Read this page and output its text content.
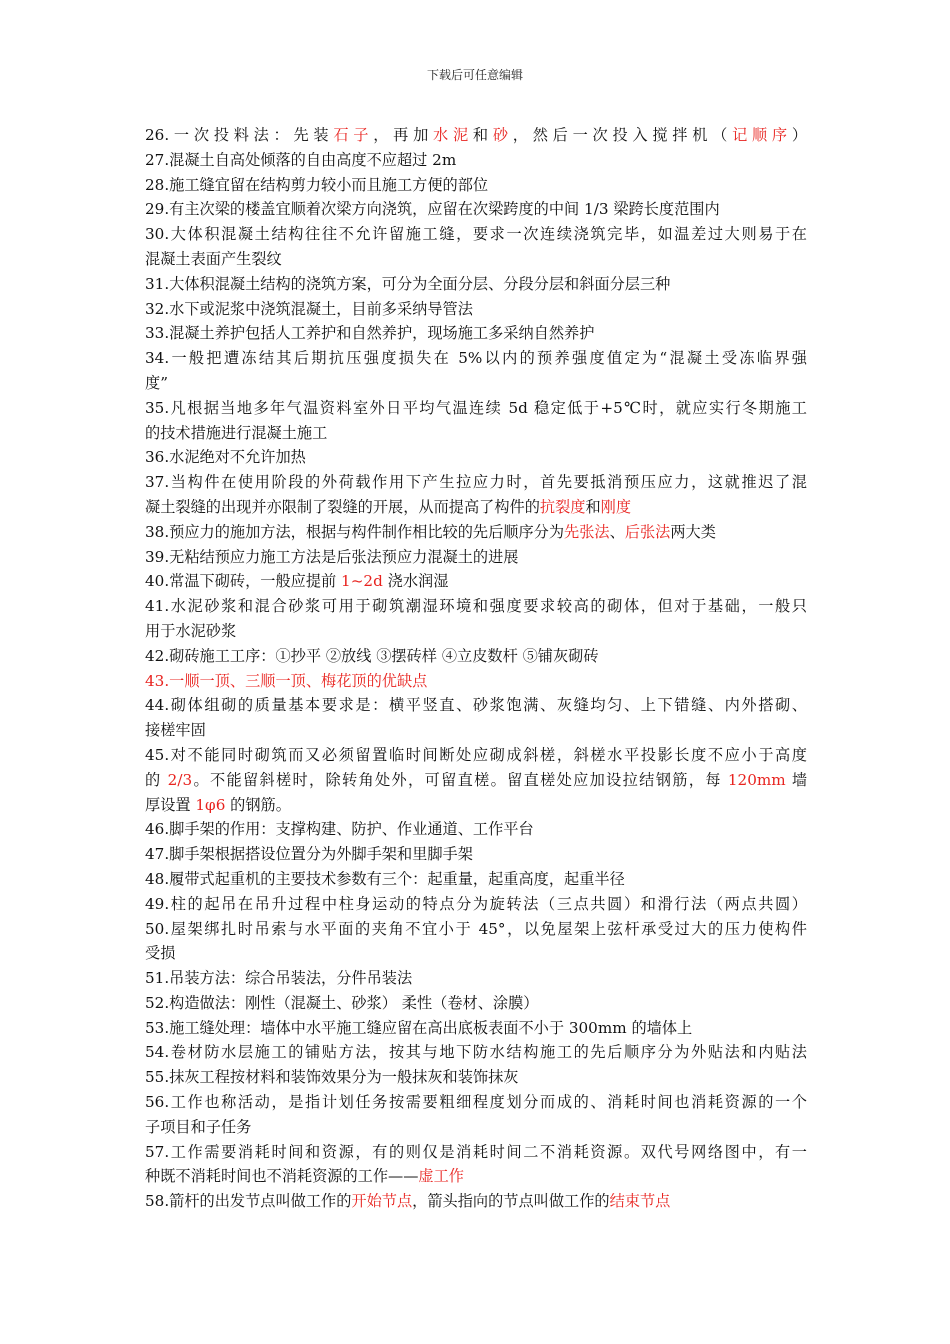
下载后可任意编辑
26.一次投料法：先装石子，再加水泥和砂，然后一次投入搅拌机（记顺序）
27.混凝土自高处倾落的自由高度不应超过 2m
28.施工缝宜留在结构剪力较小而且施工方便的部位
29.有主次梁的楼盖宜顺着次梁方向浇筑，应留在次梁跨度的中间 1/3 梁跨长度范围内
30.大体积混凝土结构往往不允许留施工缝，要求一次连续浇筑完毕，如温差过大则易于在
混凝土表面产生裂纹
31.大体积混凝土结构的浇筑方案，可分为全面分层、分段分层和斜面分层三种
32.水下或泥浆中浇筑混凝土，目前多采纳导管法
33.混凝土养护包括人工养护和自然养护，现场施工多采纳自然养护
34.一般把遭冻结其后期抗压强度损失在 5%以内的预养强度值定为“混凝土受冻临界强
度”
35.凡根据当地多年气温资料室外日平均气温连续 5d 稳定低于+5℃时，就应实行冬期施工
的技术措施进行混凝土施工
36.水泥绝对不允许加热
37.当构件在使用阶段的外荷载作用下产生拉应力时，首先要抵消预压应力，这就推迟了混
凝土裂缝的出现并亦限制了裂缝的开展，从而提高了构件的抗裂度和刚度
38.预应力的施加方法，根据与构件制作相比较的先后顺序分为先张法、后张法两大类
39.无粘结预应力施工方法是后张法预应力混凝土的进展
40.常温下砌砖，一般应提前 1~2d 浇水润湿
41.水泥砂浆和混合砂浆可用于砌筑潮湿环境和强度要求较高的砌体，但对于基础，一般只
用于水泥砂浆
42.砌砖施工工序：①抄平 ②放线 ③摆砖样 ④立皮数杆 ⑤铺灰砌砖
43.一顺一顶、三顺一顶、梅花顶的优缺点
44.砌体组砌的质量基本要求是：横平竖直、砂浆饱满、灰缝均匀、上下错缝、内外搭砌、
接槎牢固
45.对不能同时砌筑而又必须留置临时间断处应砌成斜槎，斜槎水平投影长度不应小于高度
的 2/3。不能留斜槎时，除转角处外，可留直槎。留直槎处应加设拉结钢筋，每 120mm 墙
厚设置 1φ6 的钢筋。
46.脚手架的作用：支撑构建、防护、作业通道、工作平台
47.脚手架根据搭设位置分为外脚手架和里脚手架
48.履带式起重机的主要技术参数有三个：起重量，起重高度，起重半径
49.柱的起吊在吊升过程中柱身运动的特点分为旋转法（三点共圆）和滑行法（两点共圆）
50.屋架绑扎时吊索与水平面的夹角不宜小于 45°，以免屋架上弦杆承受过大的压力使构件
受损
51.吊装方法：综合吊装法，分件吊装法
52.构造做法：刚性（混凝土、砂浆） 柔性（卷材、涂膜）
53.施工缝处理：墙体中水平施工缝应留在高出底板表面不小于 300mm 的墙体上
54.卷材防水层施工的铺贴方法，按其与地下防水结构施工的先后顺序分为外贴法和内贴法
55.抹灰工程按材料和装饰效果分为一般抹灰和装饰抹灰
56.工作也称活动，是指计划任务按需要粗细程度划分而成的、消耗时间也消耗资源的一个
子项目和子任务
57.工作需要消耗时间和资源，有的则仅是消耗时间二不消耗资源。双代号网络图中，有一
种既不消耗时间也不消耗资源的工作——虚工作
58.箭杆的出发节点叫做工作的开始节点，箭头指向的节点叫做工作的结束节点
